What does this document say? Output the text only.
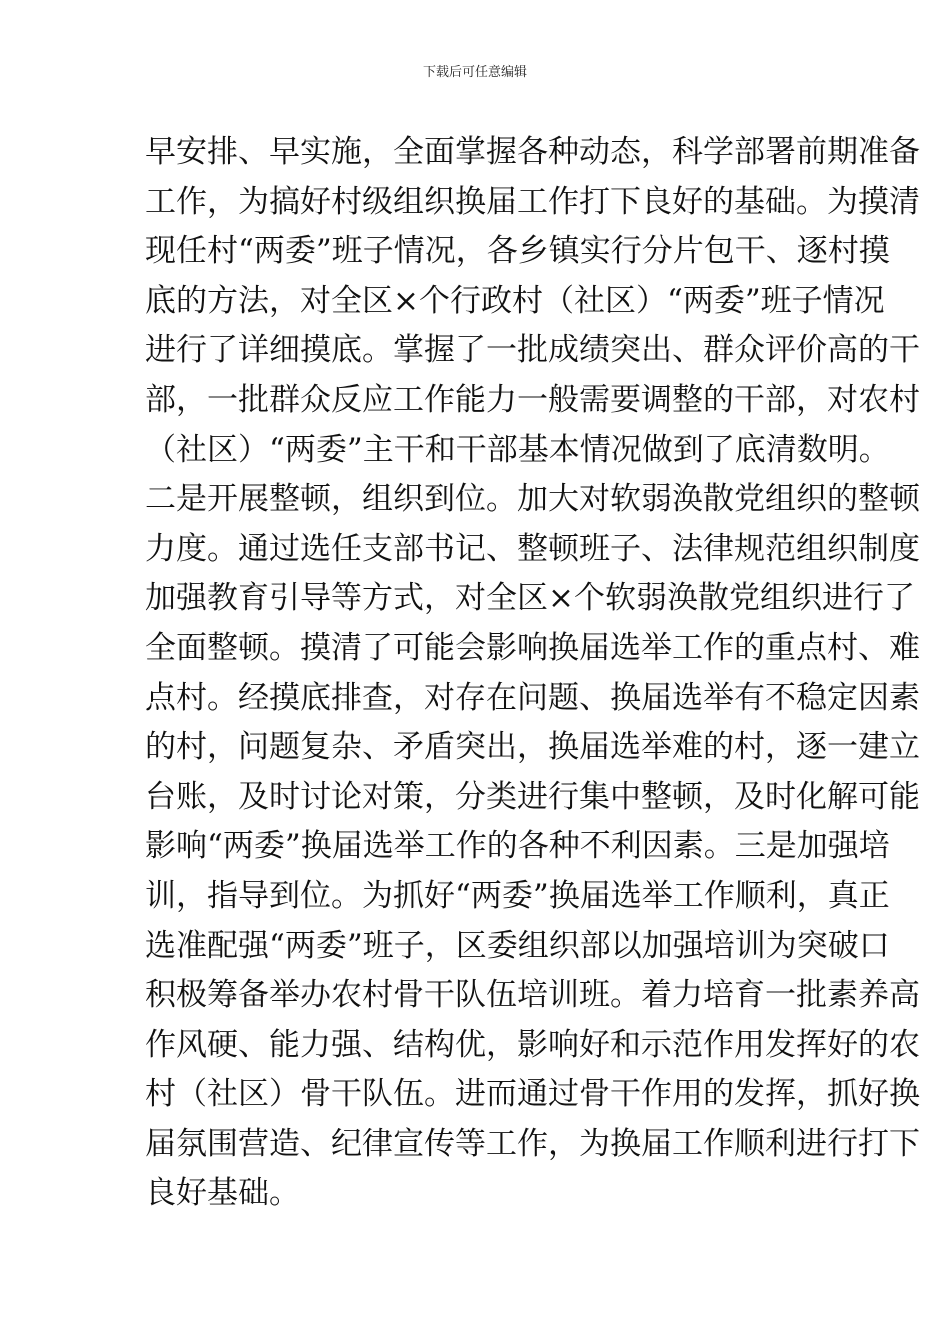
下载后可任意编辑
早安排、早实施，全面掌握各种动态，科学部署前期准备
工作，为搞好村级组织换届工作打下良好的基础。为摸清
现任村“两委”班子情况，各乡镇实行分片包干、逐村摸
底的方法，对全区×个行政村（社区）“两委”班子情况
进行了详细摸底。掌握了一批成绩突出、群众评价高的干
部，一批群众反应工作能力一般需要调整的干部，对农村
（社区）“两委”主干和干部基本情况做到了底清数明。
二是开展整顿，组织到位。加大对软弱涣散党组织的整顿
力度。通过选任支部书记、整顿班子、法律规范组织制度
加强教育引导等方式，对全区×个软弱涣散党组织进行了
全面整顿。摸清了可能会影响换届选举工作的重点村、难
点村。经摸底排查，对存在问题、换届选举有不稳定因素
的村，问题复杂、矛盾突出，换届选举难的村，逐一建立
台账，及时讨论对策，分类进行集中整顿，及时化解可能
影响“两委”换届选举工作的各种不利因素。三是加强培
训，指导到位。为抓好“两委”换届选举工作顺利，真正
选准配强“两委”班子，区委组织部以加强培训为突破口
积极筹备举办农村骨干队伍培训班。着力培育一批素养高
作风硬、能力强、结构优，影响好和示范作用发挥好的农
村（社区）骨干队伍。进而通过骨干作用的发挥，抓好换
届氛围营造、纪律宣传等工作，为换届工作顺利进行打下
良好基础。
